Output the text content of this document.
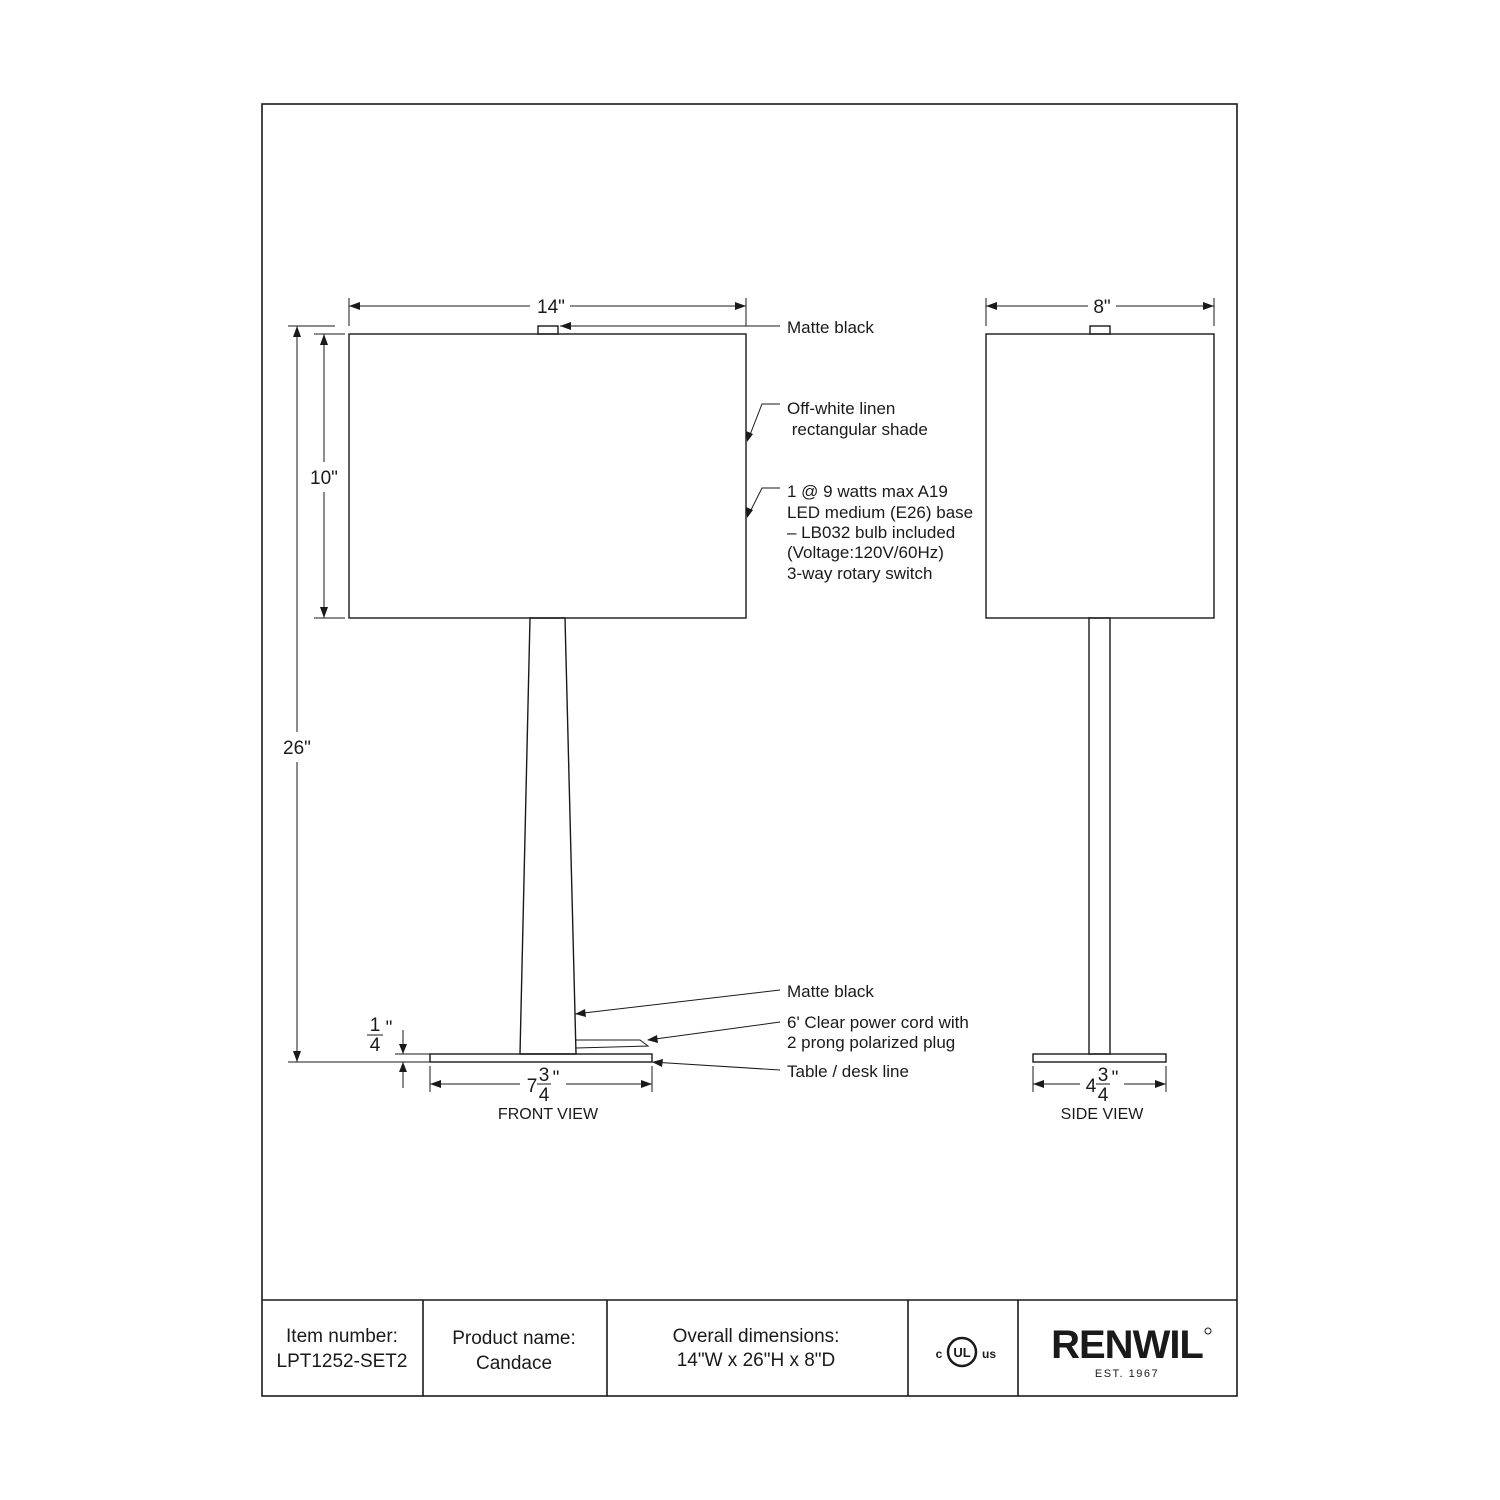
14"
10"
26"
1
4
"
7
3
4
"
FRONT VIEW
Matte black
Off-white linen
rectangular shade
1 @ 9 watts max A19
LED medium (E26) base
– LB032 bulb included
(Voltage:120V/60Hz)
3-way rotary switch
Matte black
6' Clear power cord with
2 prong polarized plug
Table / desk line
8"
4
3
4
"
SIDE VIEW
Item number:
LPT1252-SET2
Product name:
Candace
Overall dimensions:
14"W x 26"H x 8"D	c UL us RENWIL
EST. 1967
